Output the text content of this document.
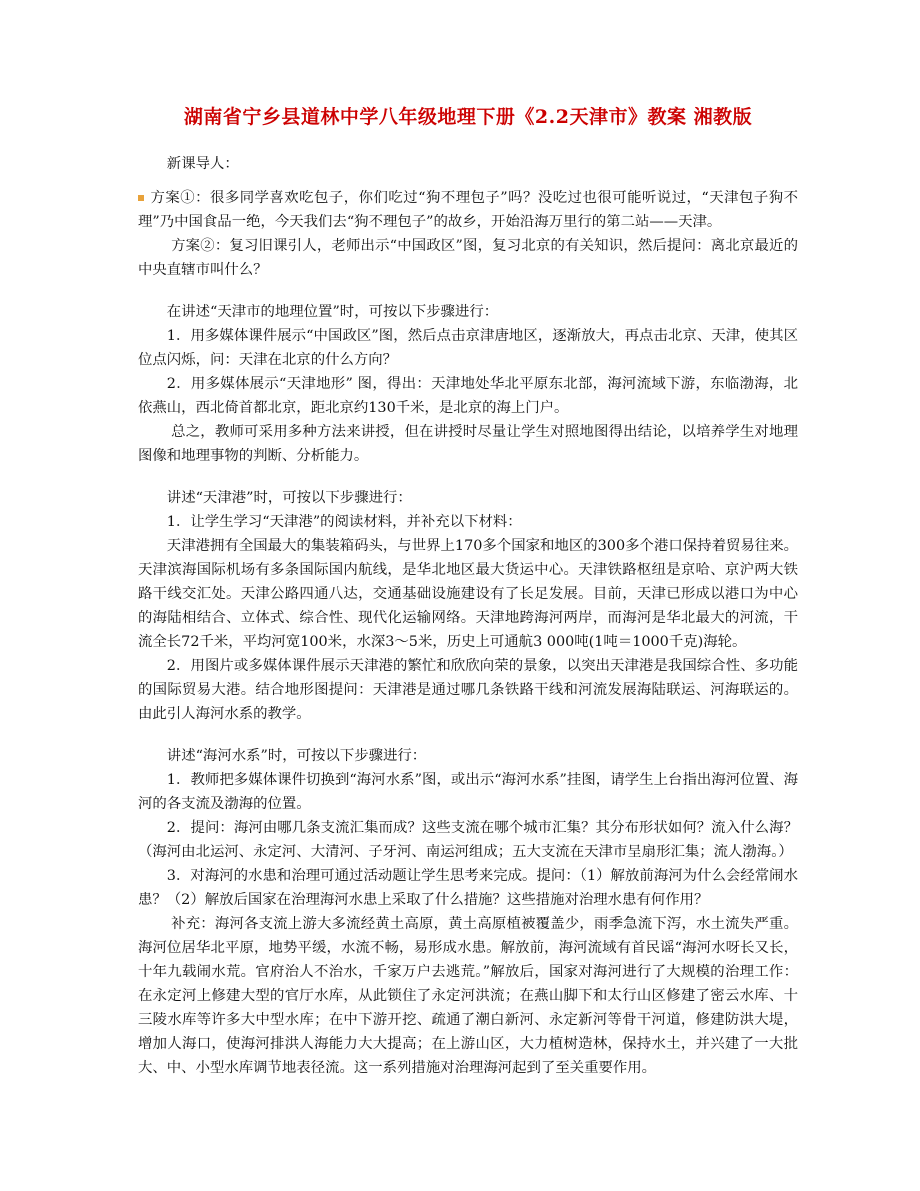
湖南省宁乡县道林中学八年级地理下册《2.2天津市》教案 湘教版

新课导人：

方案①：很多同学喜欢吃包子，你们吃过“狗不理包子”吗？没吃过也很可能听说过，“天津包子狗不理”乃中国食品一绝，今天我们去“狗不理包子”的故乡，开始沿海万里行的第二站——天津。

方案②：复习旧课引人，老师出示“中国政区”图，复习北京的有关知识，然后提问：离北京最近的中央直辖市叫什么？

在讲述“天津市的地理位置”时，可按以下步骤进行：

1．用多媒体课件展示“中国政区”图，然后点击京津唐地区，逐渐放大，再点击北京、天津，使其区位点闪烁，问：天津在北京的什么方向？

2．用多媒体展示“天津地形” 图，得出：天津地处华北平原东北部，海河流域下游，东临渤海，北依燕山，西北倚首都北京，距北京约130千米，是北京的海上门户。

总之，教师可采用多种方法来讲授，但在讲授时尽量让学生对照地图得出结论，以培养学生对地理图像和地理事物的判断、分析能力。

讲述“天津港”时，可按以下步骤进行：

1．让学生学习“天津港”的阅读材料，并补充以下材料：

天津港拥有全国最大的集装箱码头，与世界上170多个国家和地区的300多个港口保持着贸易往来。天津滨海国际机场有多条国际国内航线，是华北地区最大货运中心。天津铁路枢纽是京哈、京沪两大铁路干线交汇处。天津公路四通八达，交通基础设施建设有了长足发展。目前，天津已形成以港口为中心的海陆相结合、立体式、综合性、现代化运输网络。天津地跨海河两岸，而海河是华北最大的河流，干流全长72千米，平均河宽100米，水深3～5米，历史上可通航3 000吨(1吨＝1000千克)海轮。

2．用图片或多媒体课件展示天津港的繁忙和欣欣向荣的景象，以突出天津港是我国综合性、多功能的国际贸易大港。结合地形图提问：天津港是通过哪几条铁路干线和河流发展海陆联运、河海联运的。由此引人海河水系的教学。

讲述“海河水系”时，可按以下步骤进行：

1．教师把多媒体课件切换到“海河水系”图，或出示“海河水系”挂图，请学生上台指出海河位置、海河的各支流及渤海的位置。

2．提问：海河由哪几条支流汇集而成？这些支流在哪个城市汇集？其分布形状如何？流入什么海？（海河由北运河、永定河、大清河、子牙河、南运河组成；五大支流在天津市呈扇形汇集；流人渤海。）

3．对海河的水患和治理可通过活动题让学生思考来完成。提问：（1）解放前海河为什么会经常闹水患？（2）解放后国家在治理海河水患上采取了什么措施？这些措施对治理水患有何作用？

补充：海河各支流上游大多流经黄土高原，黄土高原植被覆盖少，雨季急流下泻，水土流失严重。海河位居华北平原，地势平缓，水流不畅，易形成水患。解放前，海河流域有首民谣“海河水呀长又长，十年九载闹水荒。官府治人不治水，千家万户去逃荒。”解放后，国家对海河进行了大规模的治理工作：在永定河上修建大型的官厅水库，从此锁住了永定河洪流；在燕山脚下和太行山区修建了密云水库、十三陵水库等许多大中型水库；在中下游开挖、疏通了潮白新河、永定新河等骨干河道，修建防洪大堤，增加人海口，使海河排洪人海能力大大提高；在上游山区，大力植树造林，保持水土，并兴建了一大批大、中、小型水库调节地表径流。这一系列措施对治理海河起到了至关重要作用。
